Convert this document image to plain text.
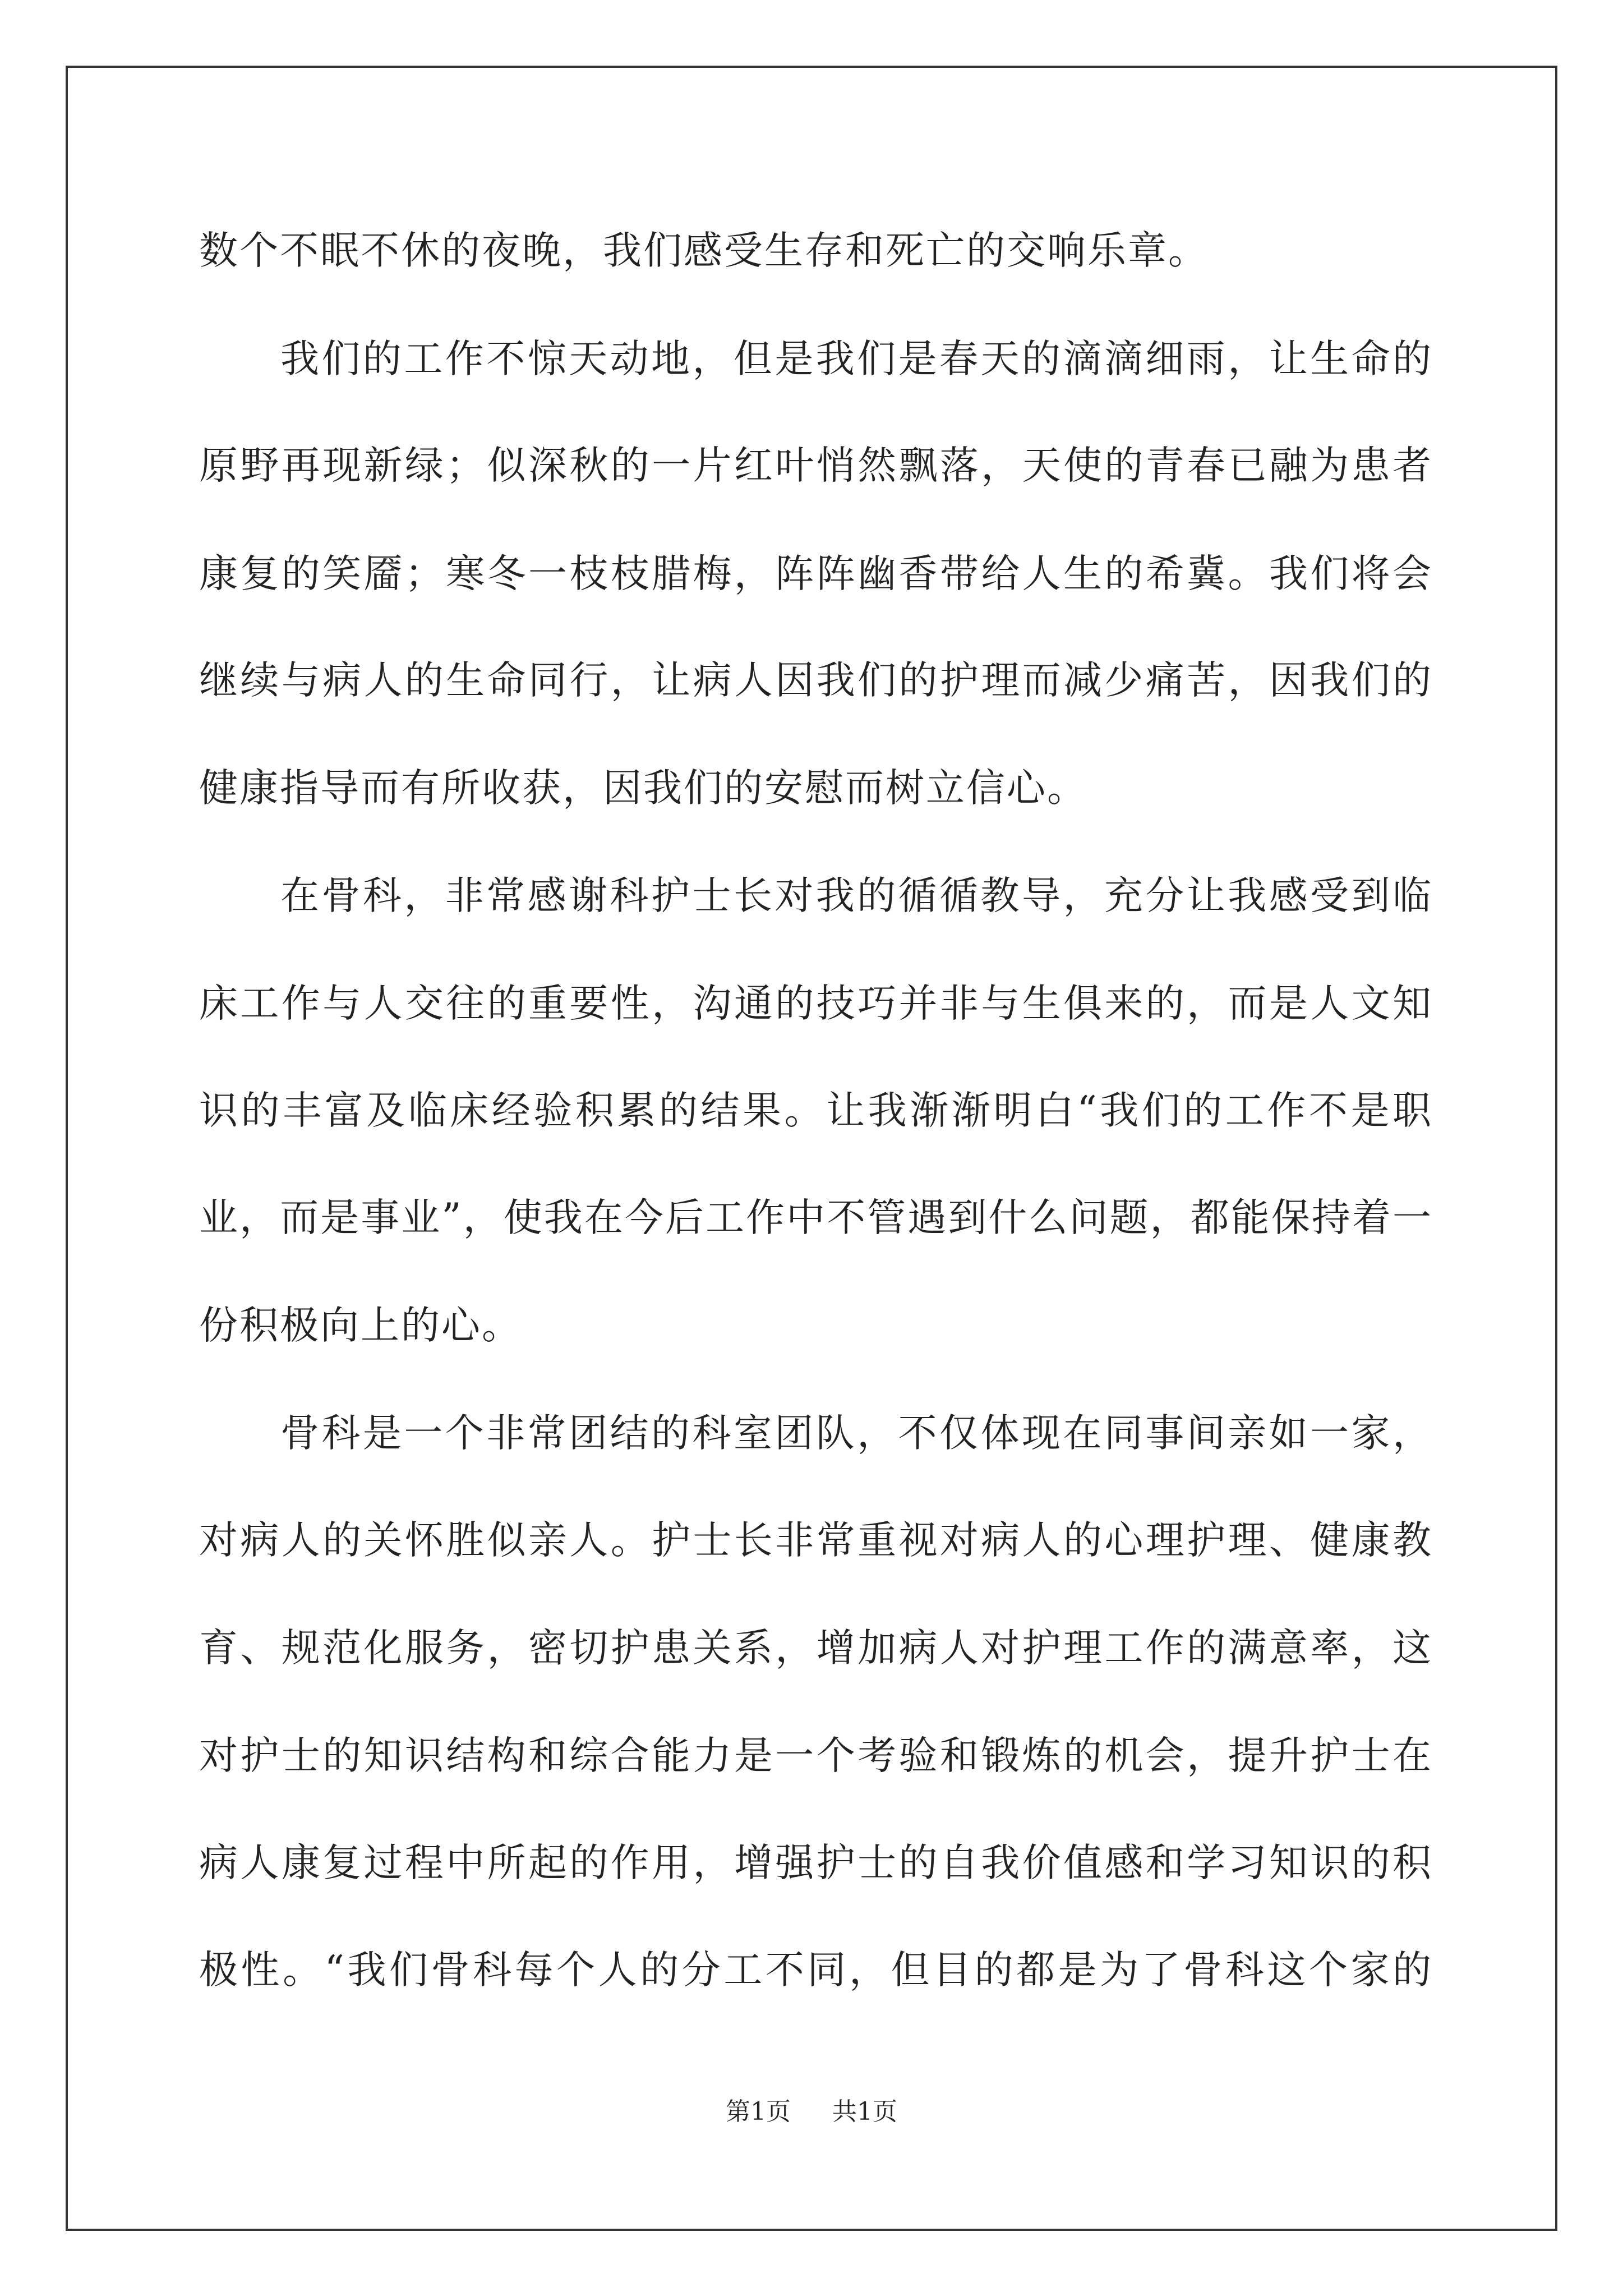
数个不眠不休的夜晚，我们感受生存和死亡的交响乐章。
我们的工作不惊天动地，但是我们是春天的滴滴细雨，让生命的
原野再现新绿；似深秋的一片红叶悄然飘落，天使的青春已融为患者
康复的笑靥；寒冬一枝枝腊梅，阵阵幽香带给人生的希冀。我们将会
继续与病人的生命同行，让病人因我们的护理而减少痛苦，因我们的
健康指导而有所收获，因我们的安慰而树立信心。
在骨科，非常感谢科护士长对我的循循教导，充分让我感受到临
床工作与人交往的重要性，沟通的技巧并非与生俱来的，而是人文知
识的丰富及临床经验积累的结果。让我渐渐明白“我们的工作不是职
业，而是事业”，使我在今后工作中不管遇到什么问题，都能保持着一
份积极向上的心。
骨科是一个非常团结的科室团队，不仅体现在同事间亲如一家，
对病人的关怀胜似亲人。护士长非常重视对病人的心理护理、健康教
育、规范化服务，密切护患关系，增加病人对护理工作的满意率，这
对护士的知识结构和综合能力是一个考验和锻炼的机会，提升护士在
病人康复过程中所起的作用，增强护士的自我价值感和学习知识的积
极性。“我们骨科每个人的分工不同，但目的都是为了骨科这个家的
第1页 共1页
